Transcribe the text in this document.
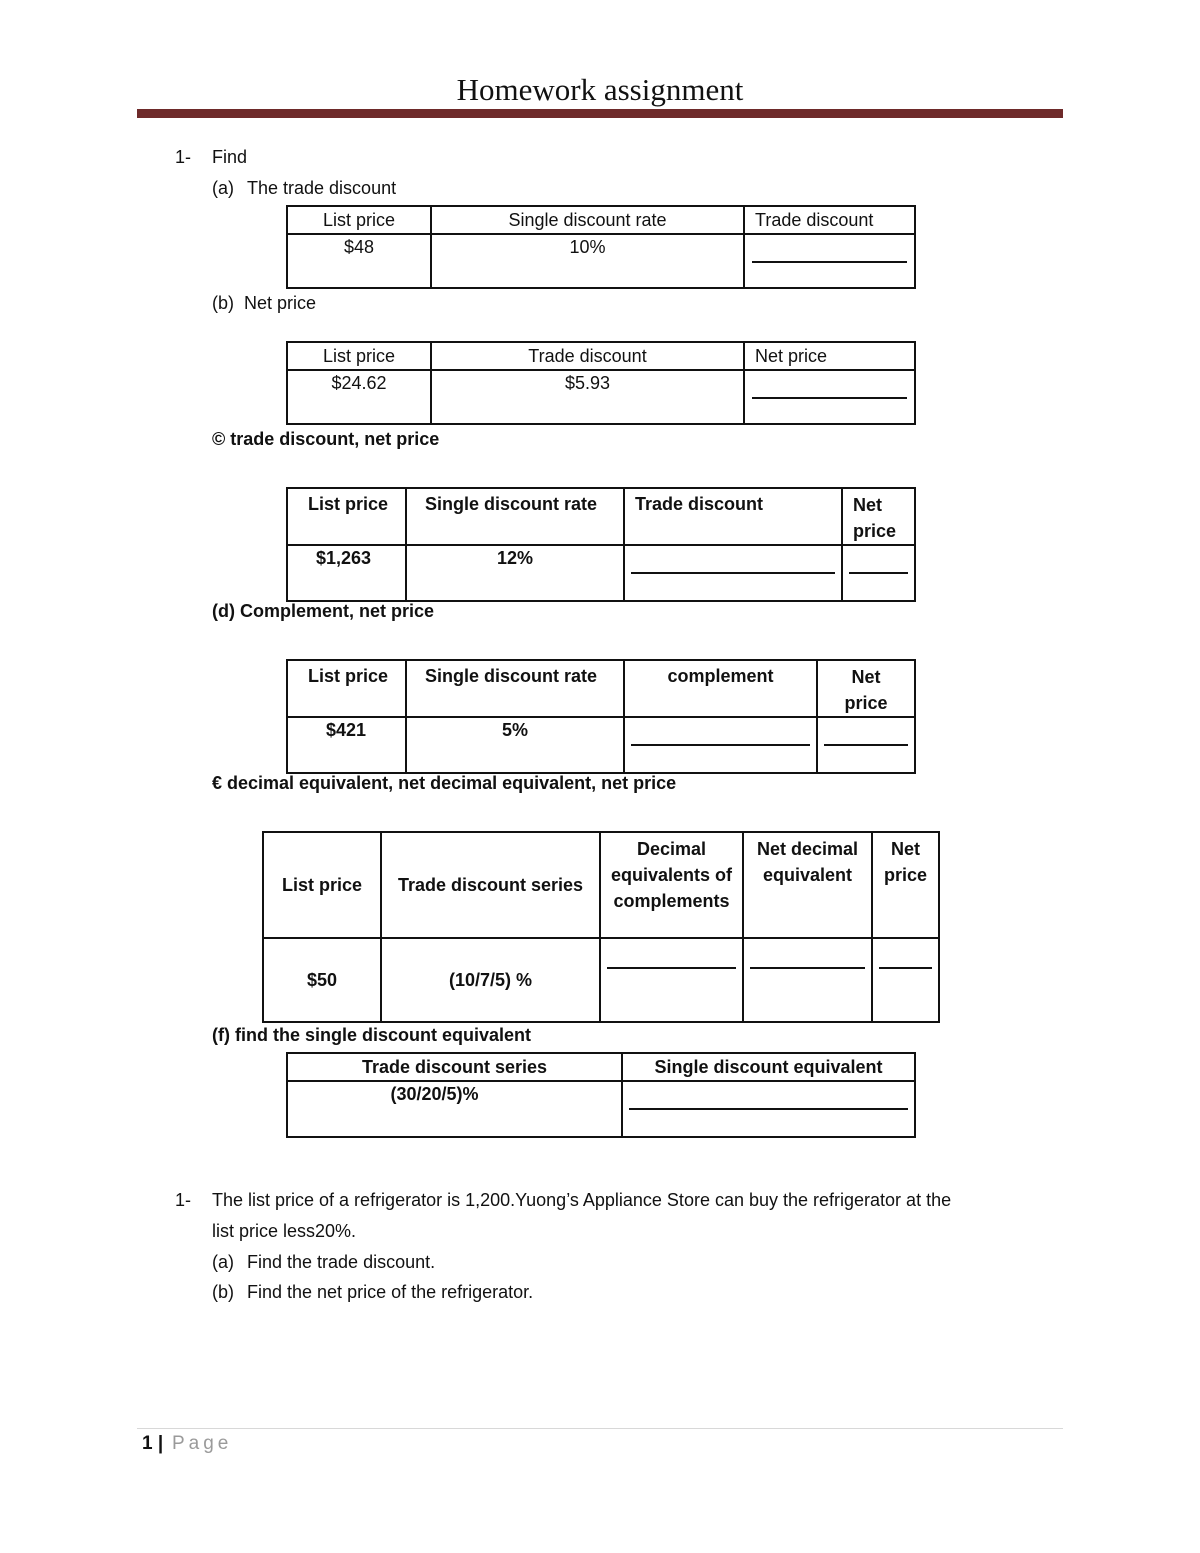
Homework assignment
1- Find
(a) The trade discount
List price	Single discount rate	Trade discount
$48	10%	
(b) Net price
List price	Trade discount	Net price
$24.62	$5.93	
© trade discount, net price
List price	Single discount rate	Trade discount	Net price
$1,263	12%	

(d) Complement, net price
List price	Single discount rate	complement	Net price
$421	5%	

€ decimal equivalent, net decimal equivalent, net price
List price	Trade discount series	Decimal equivalents of complements	Net decimal equivalent	Net price
$50	(10/7/5) %	

(f) find the single discount equivalent
Trade discount series	Single discount equivalent
(30/20/5)%	
1- The list price of a refrigerator is 1,200.Yuong’s Appliance Store can buy the refrigerator at the
list price less20%.
(a) Find the trade discount.
(b) Find the net price of the refrigerator.
1 | Page
